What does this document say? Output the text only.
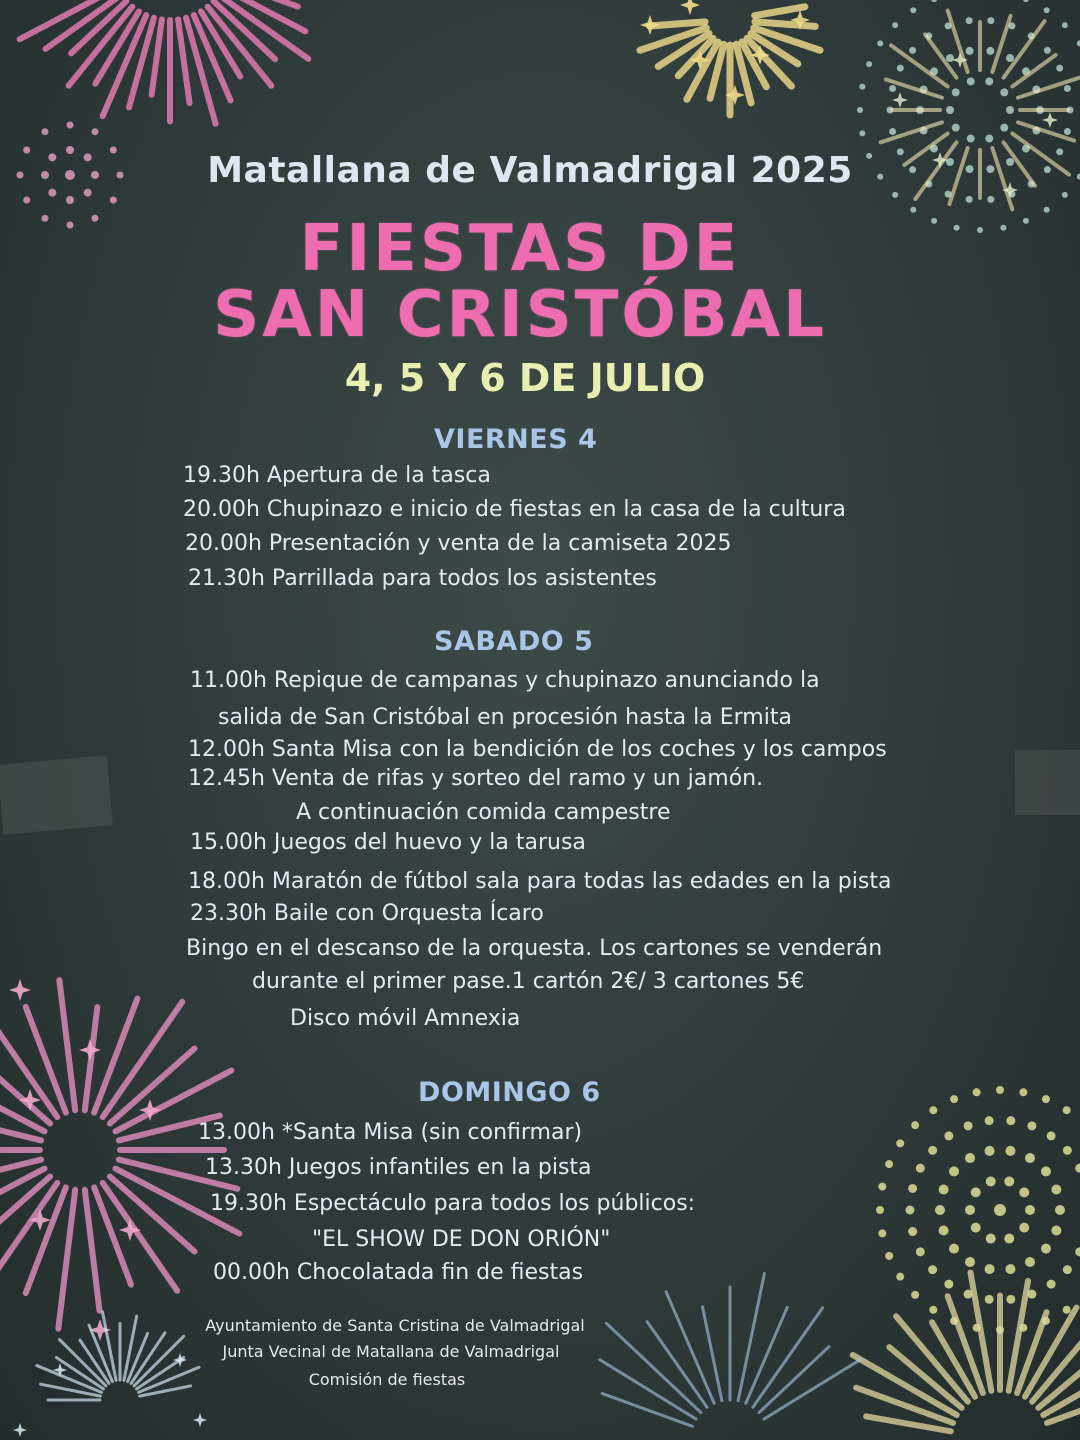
Matallana de Valmadrigal 2025
FIESTAS DE
SAN CRISTÓBAL
4, 5 Y 6 DE JULIO
VIERNES 4
19.30h Apertura de la tasca
20.00h Chupinazo e inicio de fiestas en la casa de la cultura
20.00h Presentación y venta de la camiseta 2025
21.30h Parrillada para todos los asistentes
SABADO 5
11.00h Repique de campanas y chupinazo anunciando la
salida de San Cristóbal en procesión hasta la Ermita
12.00h Santa Misa con la bendición de los coches y los campos
12.45h Venta de rifas y sorteo del ramo y un jamón.
A continuación comida campestre
15.00h Juegos del huevo y la tarusa
18.00h Maratón de fútbol sala para todas las edades en la pista
23.30h Baile con Orquesta Ícaro
Bingo en el descanso de la orquesta. Los cartones se venderán
durante el primer pase.1 cartón 2€/ 3 cartones 5€
Disco móvil Amnexia
DOMINGO 6
13.00h *Santa Misa (sin confirmar)
13.30h Juegos infantiles en la pista
19.30h Espectáculo para todos los públicos:
"EL SHOW DE DON ORIÓN"
00.00h Chocolatada fin de fiestas
Ayuntamiento de Santa Cristina de Valmadrigal
Junta Vecinal de Matallana de Valmadrigal
Comisión de fiestas
